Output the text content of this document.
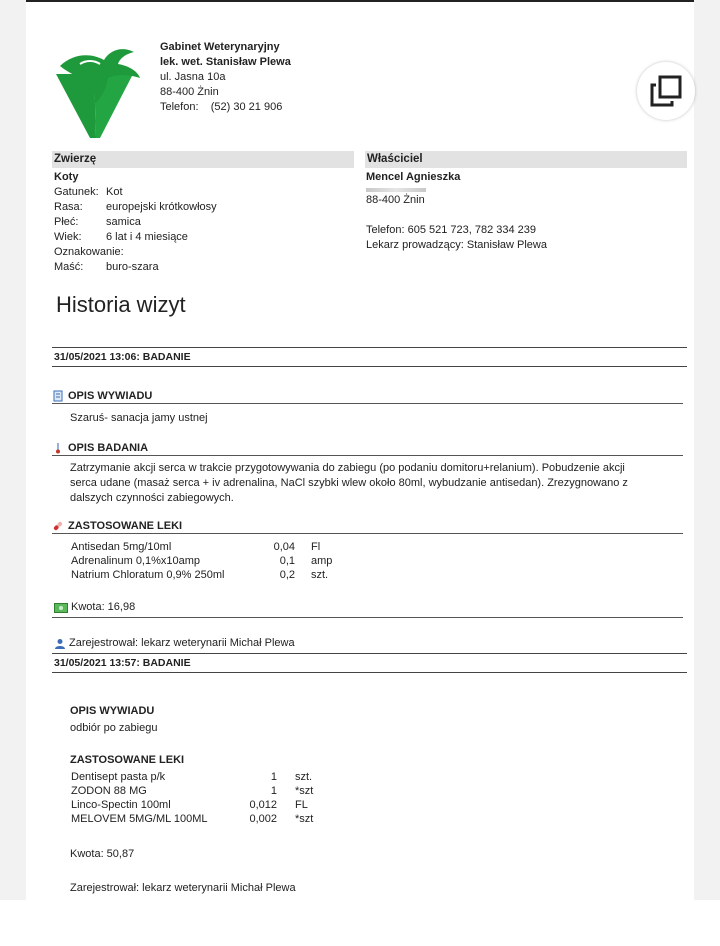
Gabinet Weterynaryjny
lek. wet. Stanisław Plewa
ul. Jasna 10a
88-400 Żnin
Telefon: (52) 30 21 906
Zwierzę
Koty
Gatunek: Kot
Rasa:	europejski krótkowłosy
Płeć:	samica
Wiek:	6 lat i 4 miesiące
Oznakowanie:
Maść:	buro-szara
Właściciel
Mencel Agnieszka
88-400 Żnin
Telefon: 605 521 723, 782 334 239
Lekarz prowadzący: Stanisław Plewa
Historia wizyt
31/05/2021 13:06: BADANIE
OPIS WYWIADU
Szaruś- sanacja jamy ustnej
OPIS BADANIA
Zatrzymanie akcji serca w trakcie przygotowywania do zabiegu (po podaniu domitoru+relanium). Pobudzenie akcji
serca udane (masaż serca + iv adrenalina, NaCl szybki wlew około 80ml, wybudzanie antisedan). Zrezygnowano z
dalszych czynności zabiegowych.
ZASTOSOWANE LEKI
Antisedan 5mg/10ml	0,04	Fl
Adrenalinum 0,1%x10amp	0,1	amp
Natrium Chloratum 0,9% 250ml	0,2	szt.
Kwota: 16,98
Zarejestrował: lekarz weterynarii Michał Plewa
31/05/2021 13:57: BADANIE
OPIS WYWIADU
odbiór po zabiegu
ZASTOSOWANE LEKI
Dentisept pasta p/k	1	szt.
ZODON 88 MG	1	*szt
Linco-Spectin 100ml	0,012	FL
MELOVEM 5MG/ML 100ML	0,002	*szt
Kwota: 50,87
Zarejestrował: lekarz weterynarii Michał Plewa
